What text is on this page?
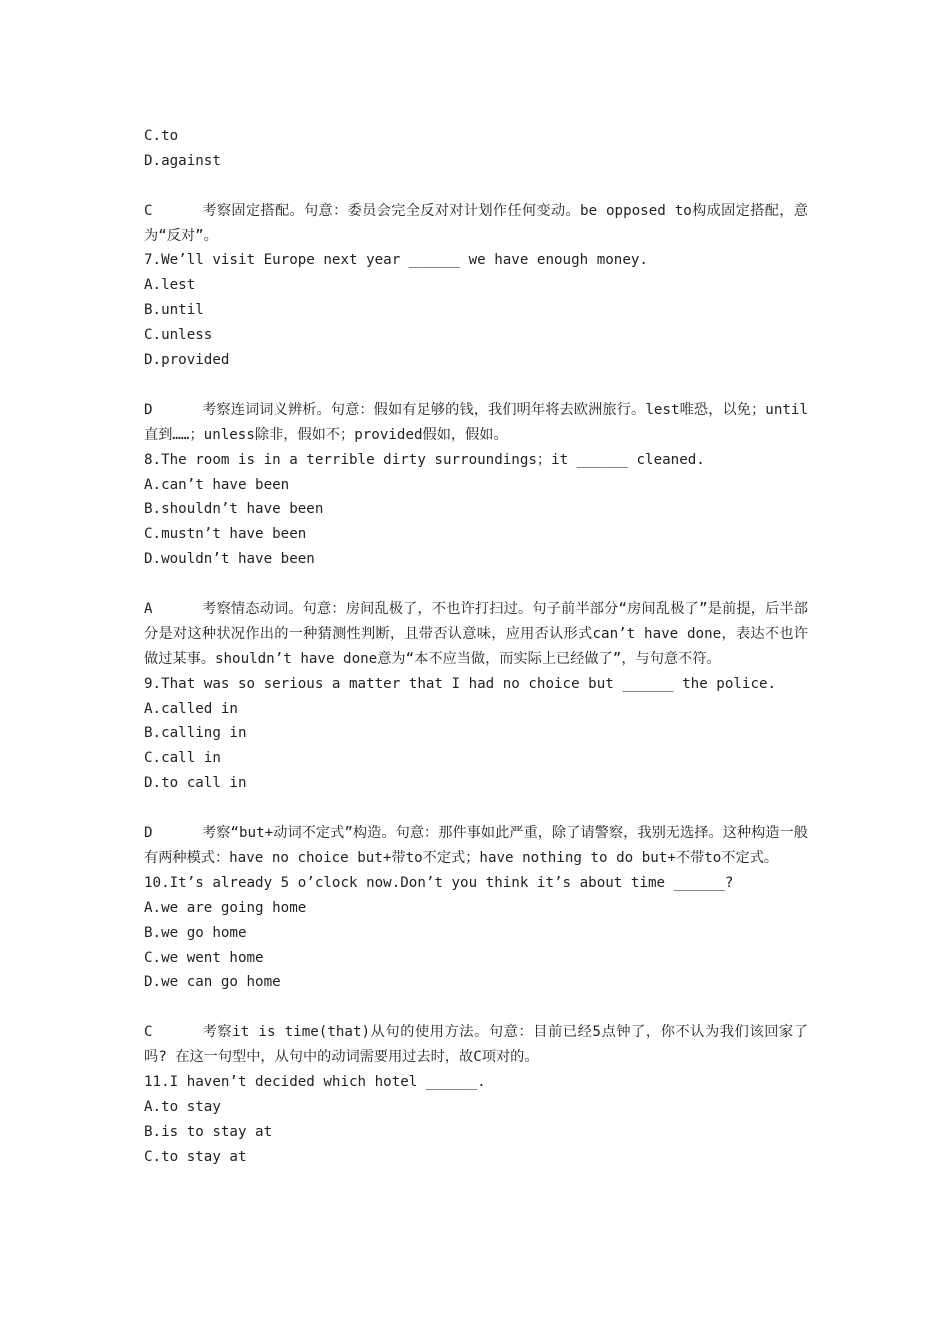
C.to
D.against
C	考察固定搭配。句意：委员会完全反对对计划作任何变动。be opposed to构成固定搭配，意为“反对”。
7.We’ll visit Europe next year ______ we have enough money.
A.lest
B.until
C.unless
D.provided
D	考察连词词义辨析。句意：假如有足够的钱，我们明年将去欧洲旅行。lest唯恐，以免；until直到……；unless除非，假如不；provided假如，假如。
8.The room is in a terrible dirty surroundings；it ______ cleaned.
A.can’t have been
B.shouldn’t have been
C.mustn’t have been
D.wouldn’t have been
A	考察情态动词。句意：房间乱极了，不也许打扫过。句子前半部分“房间乱极了”是前提，后半部分是对这种状况作出的一种猜测性判断，且带否认意味，应用否认形式can’t have done，表达不也许做过某事。shouldn’t have done意为“本不应当做，而实际上已经做了”，与句意不符。
9.That was so serious a matter that I had no choice but ______ the police.
A.called in
B.calling in
C.call in
D.to call in
D	考察“but+动词不定式”构造。句意：那件事如此严重，除了请警察，我别无选择。这种构造一般有两种模式：have no choice but+带to不定式；have nothing to do but+不带to不定式。
10.It’s already 5 o’clock now.Don’t you think it’s about time ______?
A.we are going home
B.we go home
C.we went home
D.we can go home
C	考察it is time(that)从句的使用方法。句意：目前已经5点钟了，你不认为我们该回家了吗? 在这一句型中，从句中的动词需要用过去时，故C项对的。
11.I haven’t decided which hotel ______.
A.to stay
B.is to stay at
C.to stay at
